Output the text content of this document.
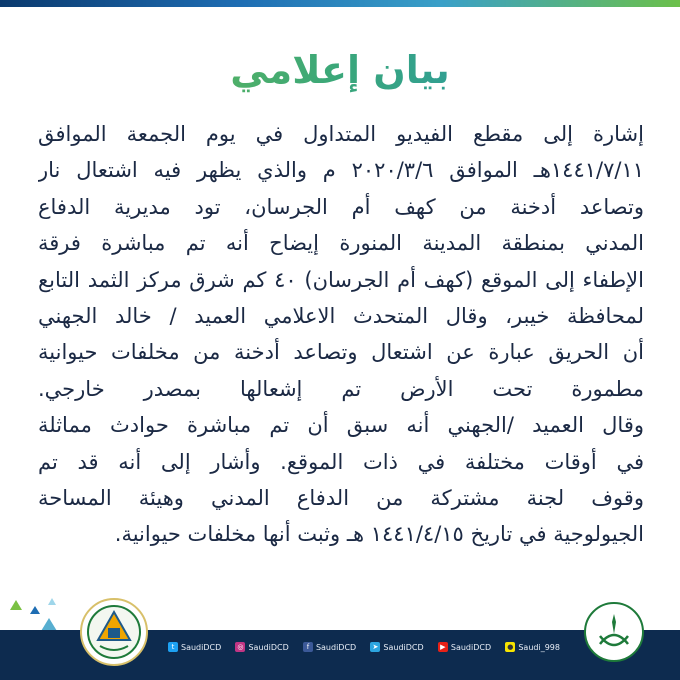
بيان إعلامي
إشارة إلى مقطع الفيديو المتداول في يوم الجمعة الموافق
١٤٤١/٧/١١هـ الموافق ٢٠٢٠/٣/٦ م والذي يظهر فيه اشتعال نار
وتصاعد أدخنة من كهف أم الجرسان، تود مديرية الدفاع
المدني بمنطقة المدينة المنورة إيضاح أنه تم مباشرة فرقة
الإطفاء إلى الموقع (كهف أم الجرسان) ٤٠ كم شرق مركز الثمد التابع
لمحافظة خيبر، وقال المتحدث الاعلامي العميد / خالد الجهني
أن الحريق عبارة عن اشتعال وتصاعد أدخنة من مخلفات حيوانية
مطمورة تحت الأرض تم إشعالها بمصدر خارجي.
وقال العميد /الجهني أنه سبق أن تم مباشرة حوادث مماثلة
في أوقات مختلفة في ذات الموقع. وأشار إلى أنه قد تم
وقوف لجنة مشتركة من الدفاع المدني وهيئة المساحة
الجيولوجية في تاريخ ١٤٤١/٤/١٥ هـ وثبت أنها مخلفات حيوانية.
t SaudiDCD ◎ SaudiDCD	f SaudiDCD ➤ SaudiDCD	▶ SaudiDCD ● Saudi_998
